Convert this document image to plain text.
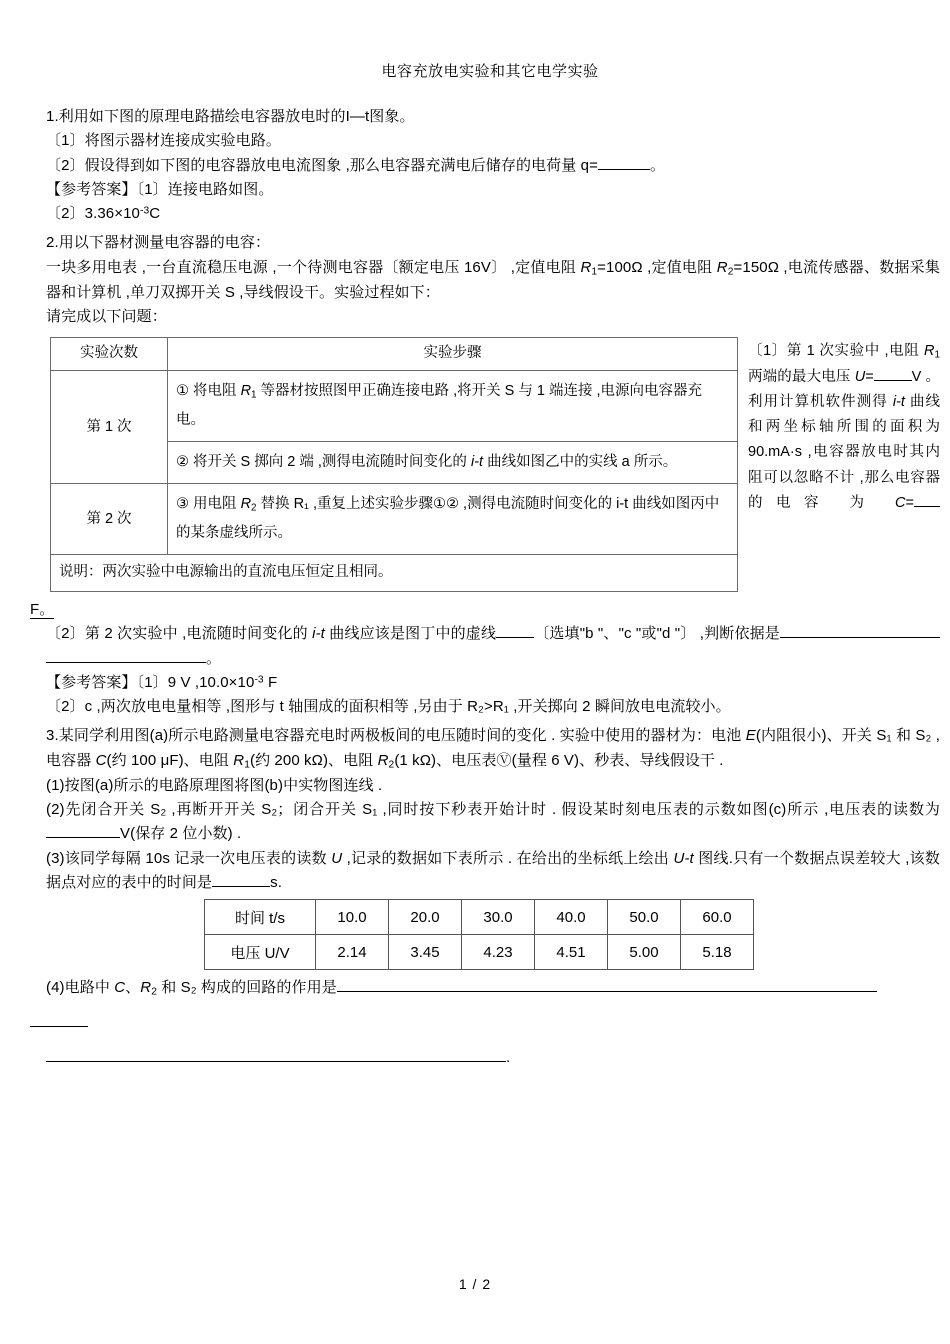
电容充放电实验和其它电学实验

1.利用如下图的原理电路描绘电容器放电时的I—t图象。

〔1〕将图示器材连接成实验电路。

〔2〕假设得到如下图的电容器放电电流图象 ,那么电容器充满电后储存的电荷量 q=	。

【参考答案】〔1〕连接电路如图。

〔2〕$3.36\times 10^{-3}C$

2.用以下器材测量电容器的电容：

一块多用电表 ,一台直流稳压电源 ,一个待测电容器〔额定电压 16V〕 ,定值电阻 $R_1=100\Omega$ ,定值电阻 $R_2=150\Omega$ ,电流传感器、数据采集器和计算机 ,单刀双掷开关 S ,导线假设干。实验过程如下：

请完成以下问题：

实验次数	实验步骤
第 1 次	① 将电阻 $R_1$ 等器材按照图甲正确连接电路 ,将开关 S 与 1 端连接 ,电源向电容器充电。
	② 将开关 S 掷向 2 端 ,测得电流随时间变化的 i-t 曲线如图乙中的实线 a 所示。
第 2 次	③ 用电阻 $R_2$ 替换 R₁ ,重复上述实验步骤①② ,测得电流随时间变化的 i-t 曲线如图丙中的某条虚线所示。
说明：两次实验中电源输出的直流电压恒定且相同。	
〔1〕第 1 次实验中 ,电阻 $R_1$ 两端的最大电压 U=	V 。 利用计算机软件测得 i-t 曲线和两坐标轴所围的面积为 90.mA·s ,电容器放电时其内阻可以忽略不计 ,那么电容器的电容 为 C=

F。

〔2〕第 2 次实验中 ,电流随时间变化的 i-t 曲线应该是图丁中的虚线	〔选填"b "、"c "或"d "〕 ,判断依据是。

【参考答案】〔1〕9 V $,10.0\times 10^{-3}$ F

〔2〕c ,两次放电电量相等 ,图形与 t 轴围成的面积相等 ,另由于 R₂>R₁ ,开关掷向 2 瞬间放电电流较小。

3.某同学利用图(a)所示电路测量电容器充电时两极板间的电压随时间的变化 . 实验中使用的器材为：电池 E(内阻很小)、开关 S₁ 和 S₂ ,电容器 C(约 100 μF)、电阻 $R_1$(约 200 kΩ)、电阻 $R_2(1$ kΩ)、电压表Ⓥ(量程 6 V)、秒表、导线假设干 .

(1)按图(a)所示的电路原理图将图(b)中实物图连线 .

(2)先闭合开关 S₂ ,再断开开关 S₂；闭合开关 S₁ ,同时按下秒表开始计时 . 假设某时刻电压表的示数如图(c)所示 ,电压表的读数为V(保存 2 位小数) .

(3)该同学每隔 10s 记录一次电压表的读数 U ,记录的数据如下表所示 . 在给出的坐标纸上绘出 U-t 图线.只有一个数据点误差较大 ,该数据点对应的表中的时间是	s.

时间 t/s	10.0	20.0	30.0	40.0	50.0	60.0
电压 U/V	2.14	3.45	4.23	4.51	5.00	5.18

(4)电路中 C、$R_2$ 和 S₂ 构成的回路的作用是

.

1 / 2
